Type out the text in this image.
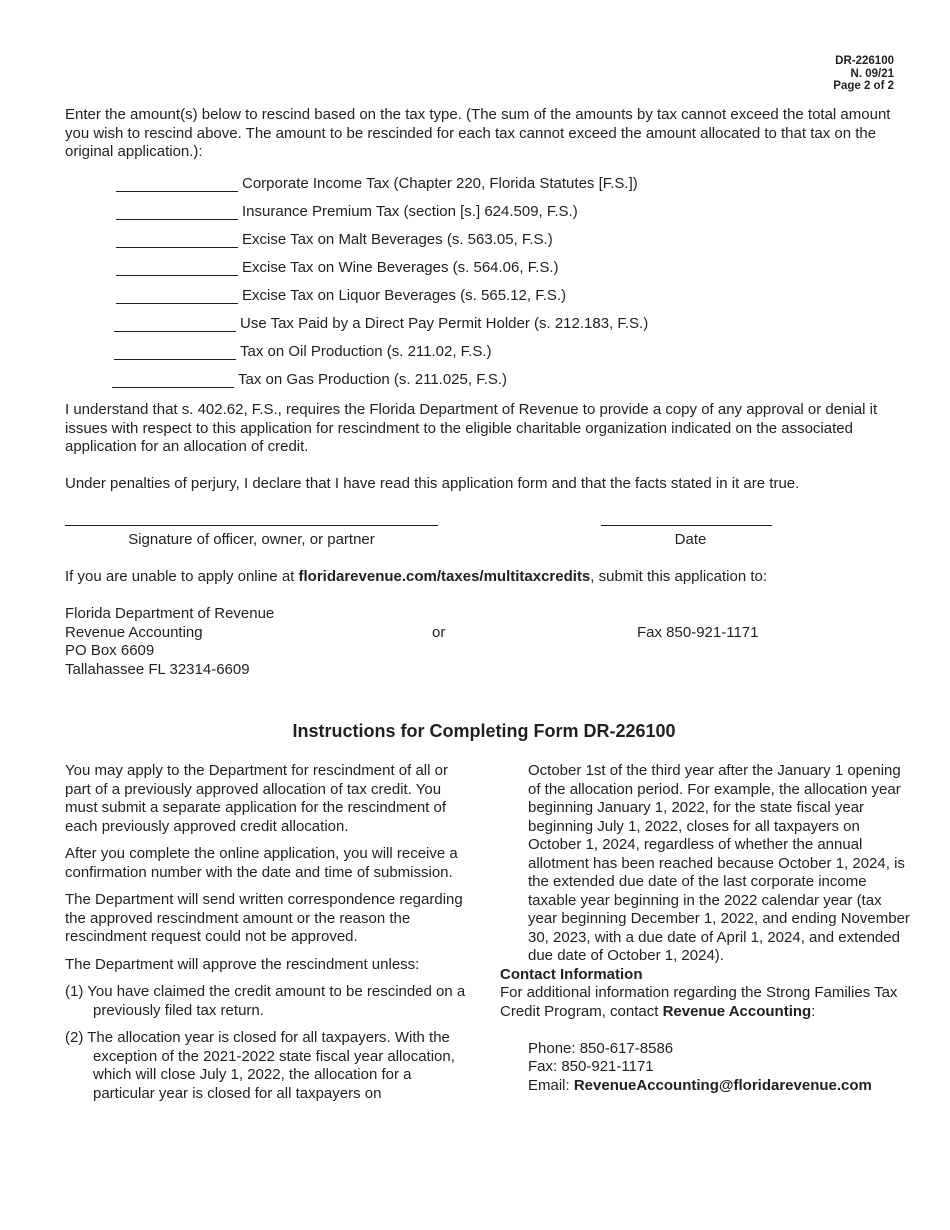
DR-226100
N. 09/21
Page 2 of 2

Enter the amount(s) below to rescind based on the tax type. (The sum of the amounts by tax cannot exceed the total amount you wish to rescind above. The amount to be rescinded for each tax cannot exceed the amount allocated to that tax on the original application.):

Corporate Income Tax (Chapter 220, Florida Statutes [F.S.])
Insurance Premium Tax (section [s.] 624.509, F.S.)
Excise Tax on Malt Beverages (s. 563.05, F.S.)
Excise Tax on Wine Beverages (s. 564.06, F.S.)
Excise Tax on Liquor Beverages (s. 565.12, F.S.)
Use Tax Paid by a Direct Pay Permit Holder (s. 212.183, F.S.)
Tax on Oil Production (s. 211.02, F.S.)
Tax on Gas Production (s. 211.025, F.S.)

I understand that s. 402.62, F.S., requires the Florida Department of Revenue to provide a copy of any approval or denial it issues with respect to this application for rescindment to the eligible charitable organization indicated on the associated application for an allocation of credit.

Under penalties of perjury, I declare that I have read this application form and that the facts stated in it are true.

Signature of officer, owner, or partner	Date

If you are unable to apply online at floridarevenue.com/taxes/multitaxcredits, submit this application to:

Florida Department of Revenue
Revenue Accounting
PO Box 6609
Tallahassee FL 32314-6609
or	Fax 850-921-1171
Instructions for Completing Form DR-226100

You may apply to the Department for rescindment of all or part of a previously approved allocation of tax credit. You must submit a separate application for the rescindment of each previously approved credit allocation.

After you complete the online application, you will receive a confirmation number with the date and time of submission.

The Department will send written correspondence regarding the approved rescindment amount or the reason the rescindment request could not be approved.

The Department will approve the rescindment unless:

(1) You have claimed the credit amount to be rescinded on a previously filed tax return.

(2) The allocation year is closed for all taxpayers. With the exception of the 2021-2022 state fiscal year allocation, which will close July 1, 2022, the allocation for a particular year is closed for all taxpayers on

October 1st of the third year after the January 1 opening of the allocation period. For example, the allocation year beginning January 1, 2022, for the state fiscal year beginning July 1, 2022, closes for all taxpayers on October 1, 2024, regardless of whether the annual allotment has been reached because October 1, 2024, is the extended due date of the last corporate income taxable year beginning in the 2022 calendar year (tax year beginning December 1, 2022, and ending November 30, 2023, with a due date of April 1, 2024, and extended due date of October 1, 2024).

Contact Information

For additional information regarding the Strong Families Tax Credit Program, contact Revenue Accounting:

Phone: 850-617-8586
Fax: 850-921-1171
Email: RevenueAccounting@floridarevenue.com
